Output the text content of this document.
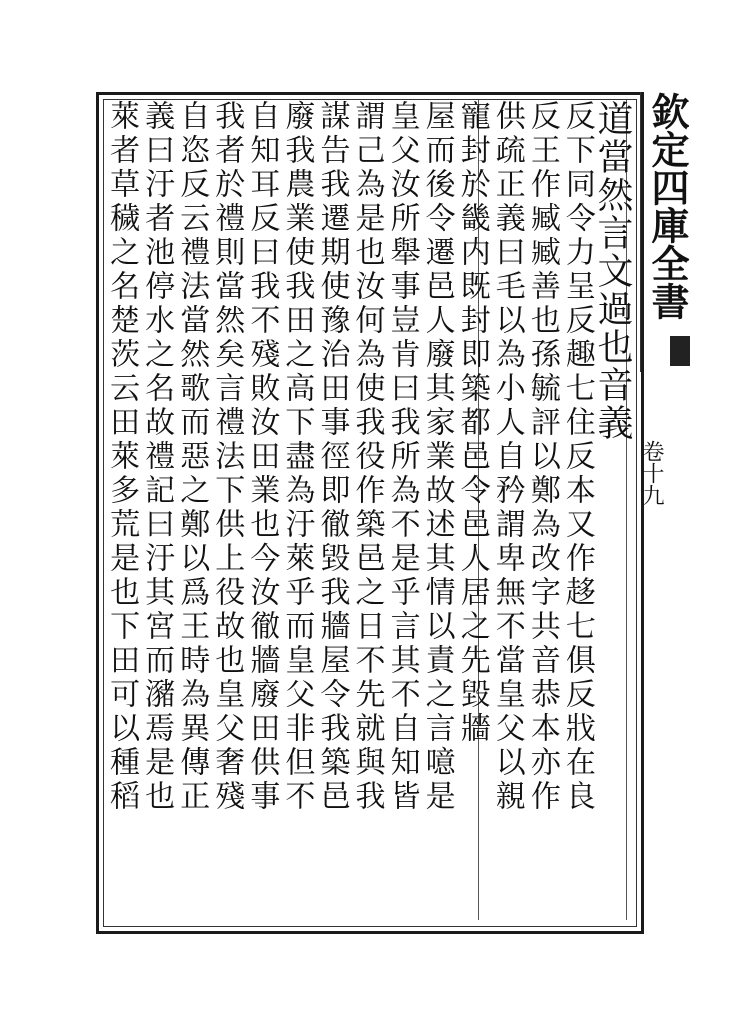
欽定四庫全書
卷十九
道當然言文過也音義
反下同令力呈反趣七住反本又作趍七俱反戕在良
反王作臧臧善也孫毓評以鄭為改字共音恭本亦作
供疏正義曰毛以為小人自矜謂卑無不當皇父以親
寵封於畿内既封即築都邑令邑人居之先毀牆
屋而後令遷邑人廢其家業故述其情以責之言噫是
皇父汝所舉事豈肯曰我所為不是乎言其不自知皆
謂己為是也汝何為使我役作築邑之日不先就與我
謀告我遷期使豫治田事徑即徹毀我牆屋令我築邑
廢我農業使我田之高下盡為汙萊乎而皇父非但不
自知耳反曰我不殘敗汝田業也今汝徹牆廢田供事
我者於禮則當然矣言禮法下供上役故也皇父奢殘
自恣反云禮法當然歌而惡之鄭以爲王時為異傳正
義曰汙者池停水之名故禮記曰汙其宮而瀦焉是也
萊者草穢之名楚茨云田萊多荒是也下田可以種稻
